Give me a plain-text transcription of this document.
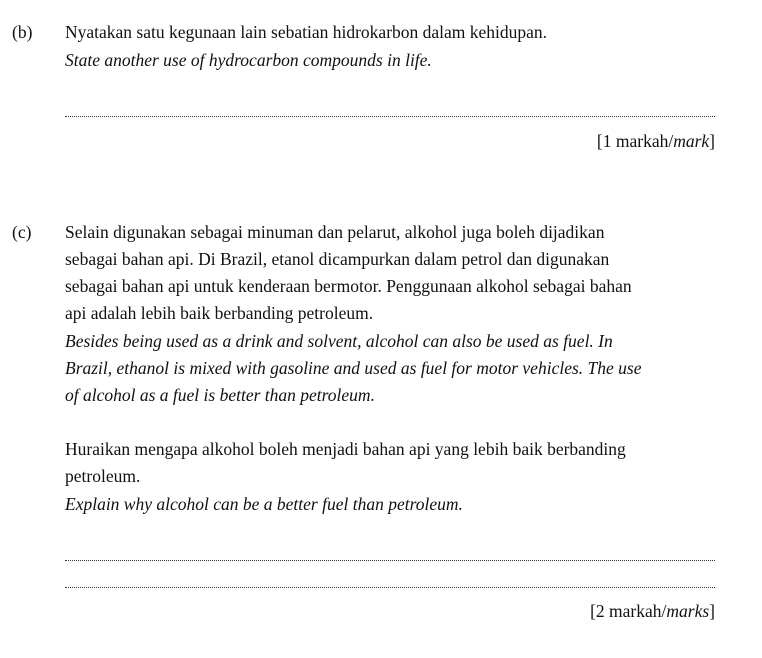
(b) Nyatakan satu kegunaan lain sebatian hidrokarbon dalam kehidupan.
State another use of hydrocarbon compounds in life.
[1 markah/mark]
(c) Selain digunakan sebagai minuman dan pelarut, alkohol juga boleh dijadikan
sebagai bahan api. Di Brazil, etanol dicampurkan dalam petrol dan digunakan
sebagai bahan api untuk kenderaan bermotor. Penggunaan alkohol sebagai bahan
api adalah lebih baik berbanding petroleum.
Besides being used as a drink and solvent, alcohol can also be used as fuel. In
Brazil, ethanol is mixed with gasoline and used as fuel for motor vehicles. The use
of alcohol as a fuel is better than petroleum.
Huraikan mengapa alkohol boleh menjadi bahan api yang lebih baik berbanding
petroleum.
Explain why alcohol can be a better fuel than petroleum.
[2 markah/marks]
